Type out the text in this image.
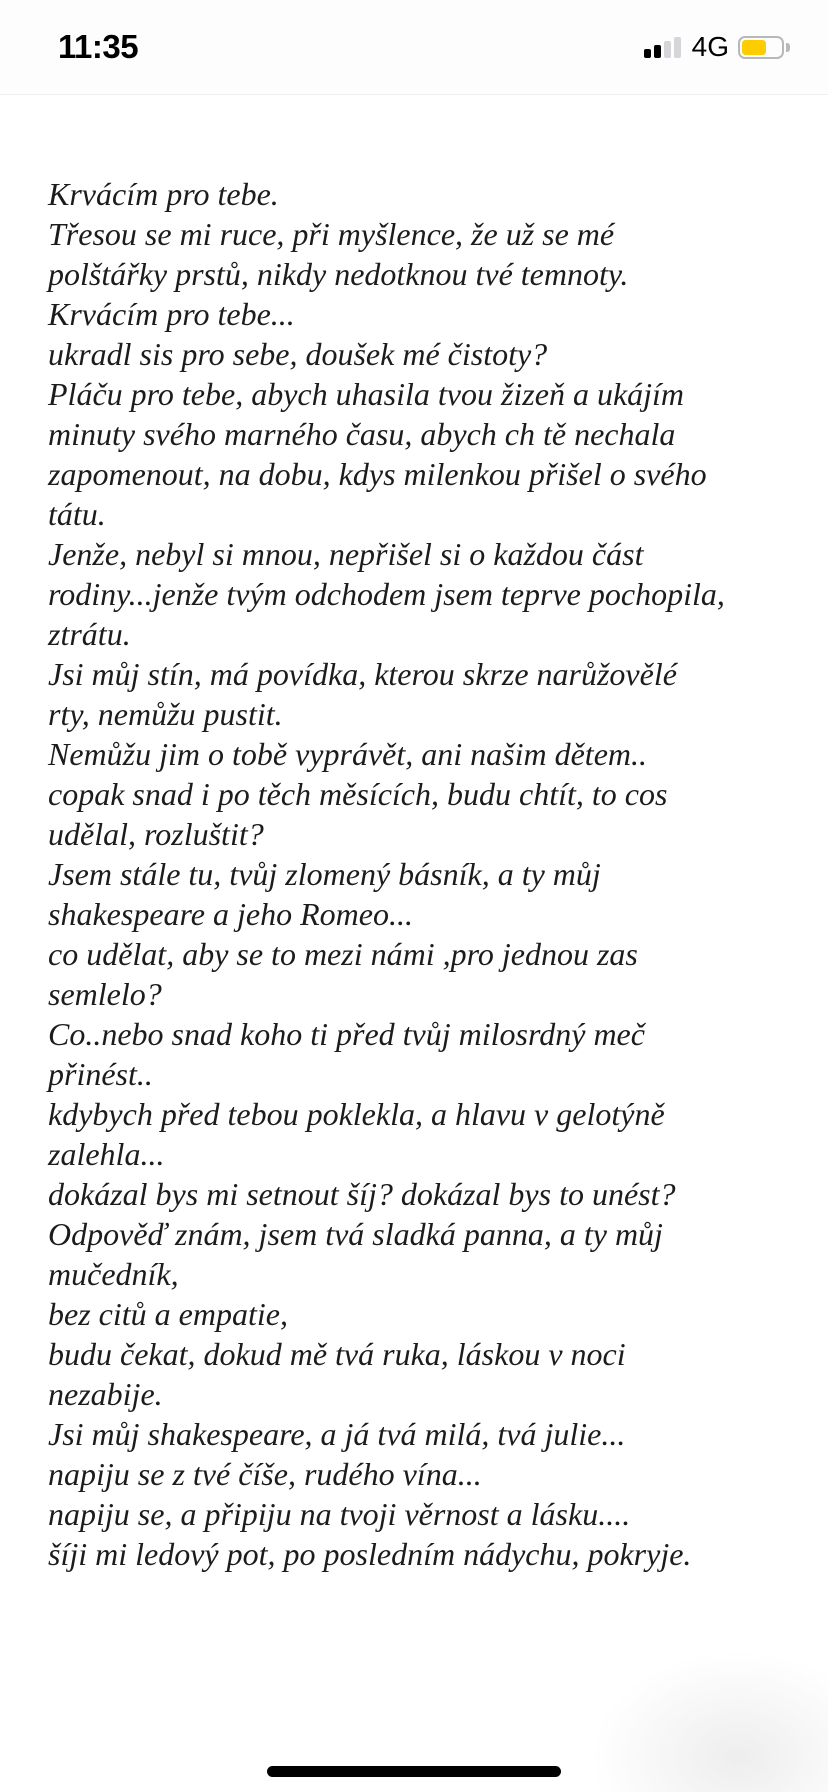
11:35	4G
Krvácím pro tebe.
Třesou se mi ruce, při myšlence, že už se mé
polštářky prstů, nikdy nedotknou tvé temnoty.
Krvácím pro tebe...
ukradl sis pro sebe, doušek mé čistoty?
Pláču pro tebe, abych uhasila tvou žizeň a ukájím
minuty svého marného času, abych ch tě nechala
zapomenout, na dobu, kdys milenkou přišel o svého
tátu.
Jenže, nebyl si mnou, nepřišel si o každou část
rodiny...jenže tvým odchodem jsem teprve pochopila,
ztrátu.
Jsi můj stín, má povídka, kterou skrze narůžovělé
rty, nemůžu pustit.
Nemůžu jim o tobě vyprávět, ani našim dětem..
copak snad i po těch měsících, budu chtít, to cos
udělal, rozluštit?
Jsem stále tu, tvůj zlomený básník, a ty můj
shakespeare a jeho Romeo...
co udělat, aby se to mezi námi ,pro jednou zas
semlelo?
Co..nebo snad koho ti před tvůj milosrdný meč
přinést..
kdybych před tebou poklekla, a hlavu v gelotýně
zalehla...
dokázal bys mi setnout šíj? dokázal bys to unést?
Odpověď znám, jsem tvá sladká panna, a ty můj
mučedník,
bez citů a empatie,
budu čekat, dokud mě tvá ruka, láskou v noci
nezabije.
Jsi můj shakespeare, a já tvá milá, tvá julie...
napiju se z tvé číše, rudého vína...
napiju se, a připiju na tvoji věrnost a lásku....
šíji mi ledový pot, po posledním nádychu, pokryje.
